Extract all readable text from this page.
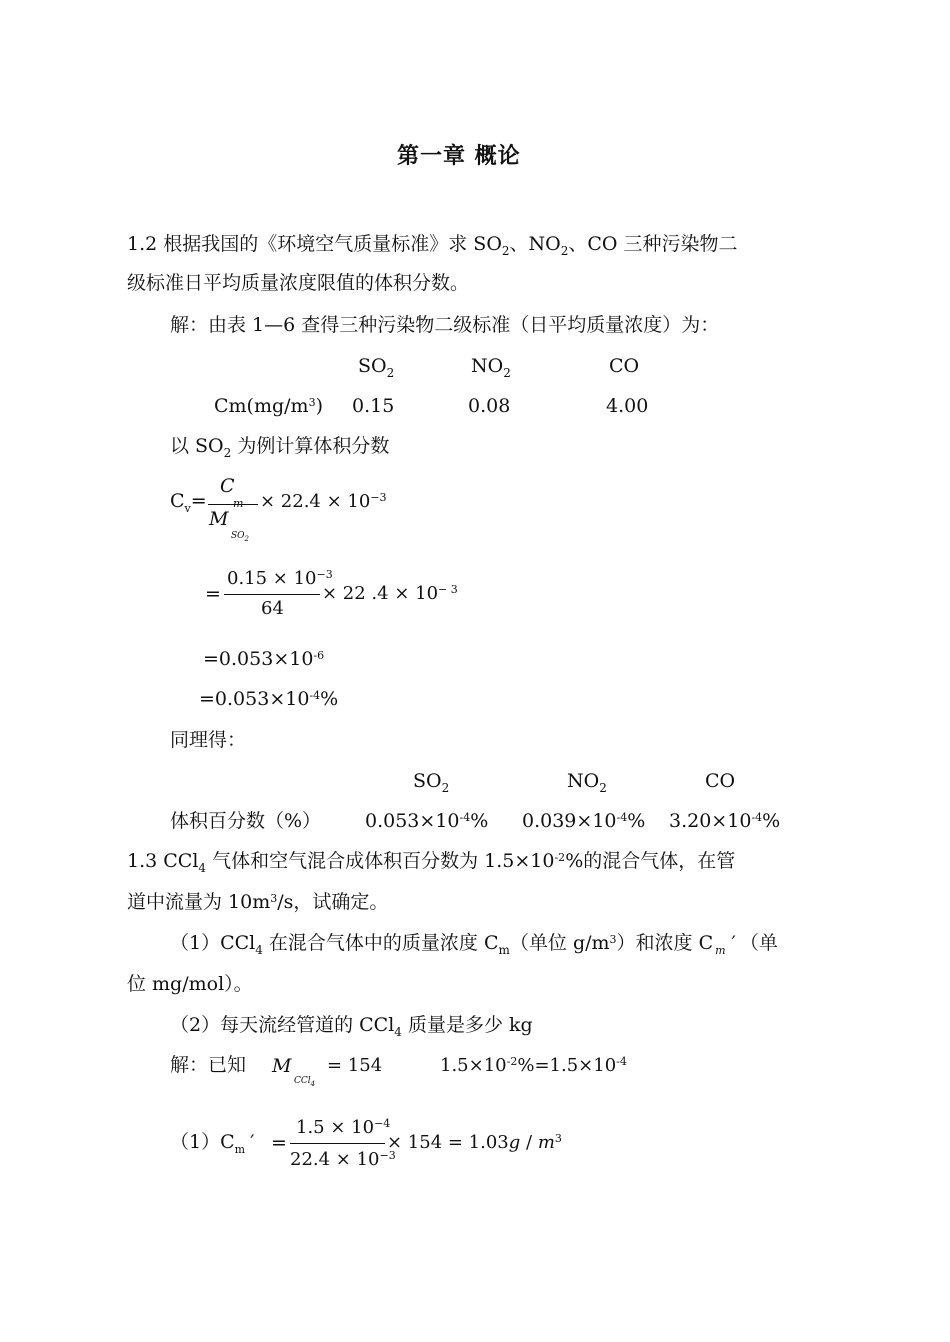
第一章 概论
1.2 根据我国的《环境空气质量标准》求 $SO_2$、$NO_2$、CO 三种污染物二
级标准日平均质量浓度限值的体积分数。
解：由表 1—6 查得三种污染物二级标准（日平均质量浓度）为：
$SO_2$	$NO_2$	CO
$Cm(mg/m^3)$ 0.15	0.08	4.00
以 $SO_2$ 为例计算体积分数
$C_v=$
C
M
$SO_2$
× $22.4 \times 10^{-3}$
=
$0.15 \times 10^{-3}$
64
× 22 $.4 \times 10^{- 3}$
$=0.053\times 10^{-6}$
$=0.053\times 10^{-4}\%$
同理得：
$SO_2$	$NO_2$	CO
体积百分数（%） $0.053\times 10^{-4}\%$ $0.039\times 10^{-4}\%$ $3.20\times 10^{-4}\%$
1.3 CCl$_4$ 气体和空气混合成体积百分数为 $1.5\times 10^{-2}\%$的混合气体，在管
道中流量为 $10m^3/s$，试确定。
（1）CCl$_4$ 在混合气体中的质量浓度 $C_m$（单位 $g/m^3$）和浓度 C $_m$ ′ （单
位 mg/mol）。
（2）每天流经管道的 CCl$_4$ 质量是多少 kg
解：已知 M
CCl$_4$
= 154	$1.5\times 10^{-2}\%=1.5\times 10^{-4}$
$(1)C_m$ ′ =
$1.5 \times 10^{-4}$
$22.4 \times 10^{-3}$
× $154 = 1.03g / m^3$
